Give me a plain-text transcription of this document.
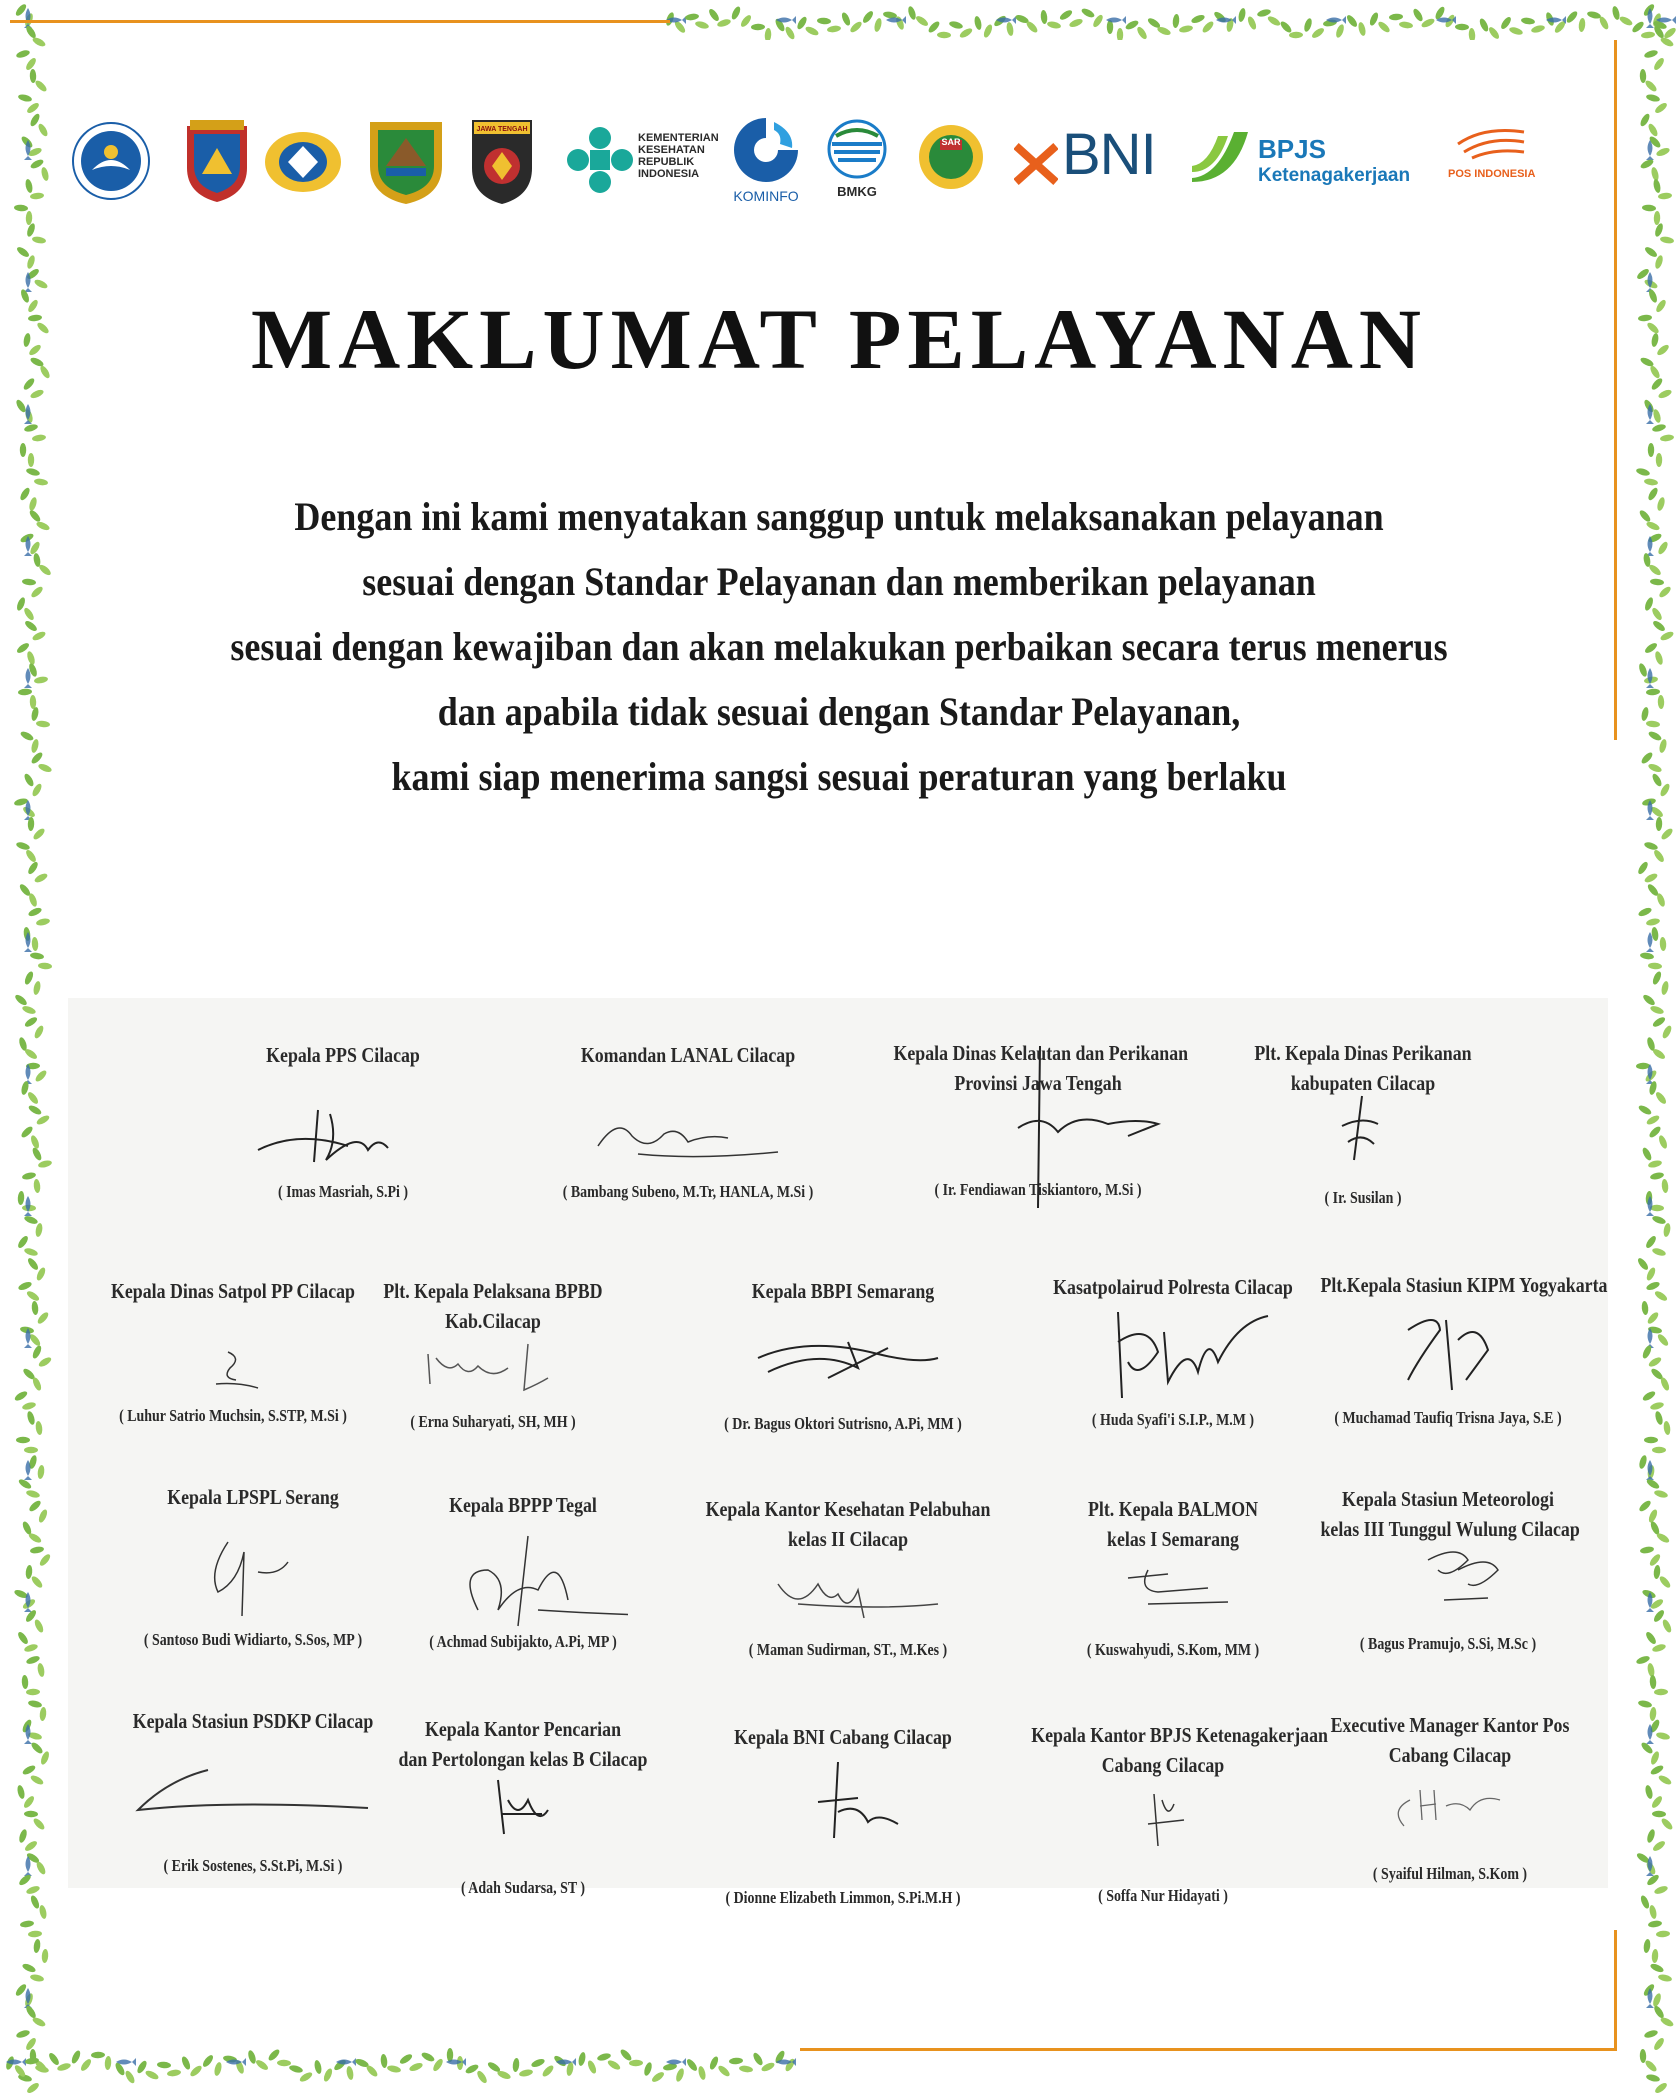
JAWA TENGAH
KEMENTERIAN KESEHATAN REPUBLIK INDONESIA
KOMINFO	BMKG
SAR BNI	BPJS
Ketenagakerjaan	POS INDONESIA
MAKLUMAT PELAYANAN
Dengan ini kami menyatakan sanggup untuk melaksanakan pelayanan
sesuai dengan Standar Pelayanan dan memberikan pelayanan
sesuai dengan kewajiban dan akan melakukan perbaikan secara terus menerus
dan apabila tidak sesuai dengan Standar Pelayanan,
kami siap menerima sangsi sesuai peraturan yang berlaku
Kepala PPS Cilacap
( Imas Masriah, S.Pi )
Komandan LANAL Cilacap
( Bambang Subeno, M.Tr, HANLA, M.Si )
Kepala Dinas Kelautan dan Perikanan
Provinsi Jawa Tengah
( Ir. Fendiawan Tiskiantoro, M.Si )
Plt. Kepala Dinas Perikanan
kabupaten Cilacap
( Ir. Susilan )
Kepala Dinas Satpol PP Cilacap
( Luhur Satrio Muchsin, S.STP, M.Si )
Plt. Kepala Pelaksana BPBD
Kab.Cilacap
( Erna Suharyati, SH, MH )
Kepala BBPI Semarang
( Dr. Bagus Oktori Sutrisno, A.Pi, MM )
Kasatpolairud Polresta Cilacap
( Huda Syafi'i S.I.P., M.M )
Plt.Kepala Stasiun KIPM Yogyakarta
( Muchamad Taufiq Trisna Jaya, S.E )
Kepala LPSPL Serang
( Santoso Budi Widiarto, S.Sos, MP )
Kepala BPPP Tegal
( Achmad Subijakto, A.Pi, MP )
Kepala Kantor Kesehatan Pelabuhan
kelas II Cilacap
( Maman Sudirman, ST., M.Kes )
Plt. Kepala BALMON
kelas I Semarang
( Kuswahyudi, S.Kom, MM )
Kepala Stasiun Meteorologi
kelas III Tunggul Wulung Cilacap
( Bagus Pramujo, S.Si, M.Sc )
Kepala Stasiun PSDKP Cilacap
( Erik Sostenes, S.St.Pi, M.Si )
Kepala Kantor Pencarian
dan Pertolongan kelas B Cilacap
( Adah Sudarsa, ST )
Kepala BNI Cabang Cilacap
( Dionne Elizabeth Limmon, S.Pi.M.H )
Kepala Kantor BPJS Ketenagakerjaan
Cabang Cilacap
( Soffa Nur Hidayati )
Executive Manager Kantor Pos
Cabang Cilacap
( Syaiful Hilman, S.Kom )
